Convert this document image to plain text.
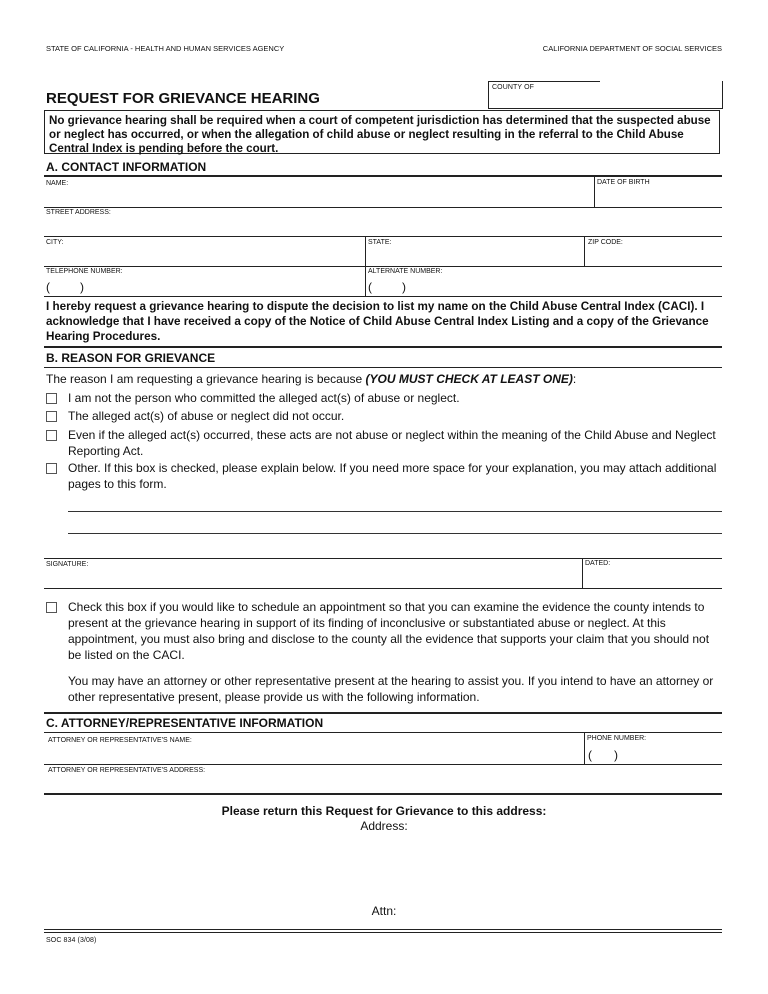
STATE OF CALIFORNIA - HEALTH AND HUMAN SERVICES AGENCY	CALIFORNIA DEPARTMENT OF SOCIAL SERVICES
REQUEST FOR GRIEVANCE HEARING
COUNTY OF
No grievance hearing shall be required when a court of competent jurisdiction has determined that the suspected abuse or neglect has occurred, or when the allegation of child abuse or neglect resulting in the referral to the Child Abuse Central Index is pending before the court.
A. CONTACT INFORMATION
NAME:	DATE OF BIRTH
STREET ADDRESS:
CITY:	STATE:	ZIP CODE:
TELEPHONE NUMBER:	ALTERNATE NUMBER:
(	)	(	)
I hereby request a grievance hearing to dispute the decision to list my name on the Child Abuse Central Index (CACI). I acknowledge that I have received a copy of the Notice of Child Abuse Central Index Listing and a copy of the Grievance Hearing Procedures.
B. REASON FOR GRIEVANCE
The reason I am requesting a grievance hearing is because (YOU MUST CHECK AT LEAST ONE):
I am not the person who committed the alleged act(s) of abuse or neglect.
The alleged act(s) of abuse or neglect did not occur.
Even if the alleged act(s) occurred, these acts are not abuse or neglect within the meaning of the Child Abuse and Neglect Reporting Act.
Other. If this box is checked, please explain below. If you need more space for your explanation, you may attach additional pages to this form.
SIGNATURE:	DATED:
Check this box if you would like to schedule an appointment so that you can examine the evidence the county intends to present at the grievance hearing in support of its finding of inconclusive or substantiated abuse or neglect. At this appointment, you must also bring and disclose to the county all the evidence that supports your claim that you should not be listed on the CACI.
You may have an attorney or other representative present at the hearing to assist you. If you intend to have an attorney or other representative present, please provide us with the following information.
C. ATTORNEY/REPRESENTATIVE INFORMATION
ATTORNEY OR REPRESENTATIVE'S NAME:	PHONE NUMBER:
( )
ATTORNEY OR REPRESENTATIVE'S ADDRESS:
Please return this Request for Grievance to this address:
Address:
Attn:
SOC 834 (3/08)
